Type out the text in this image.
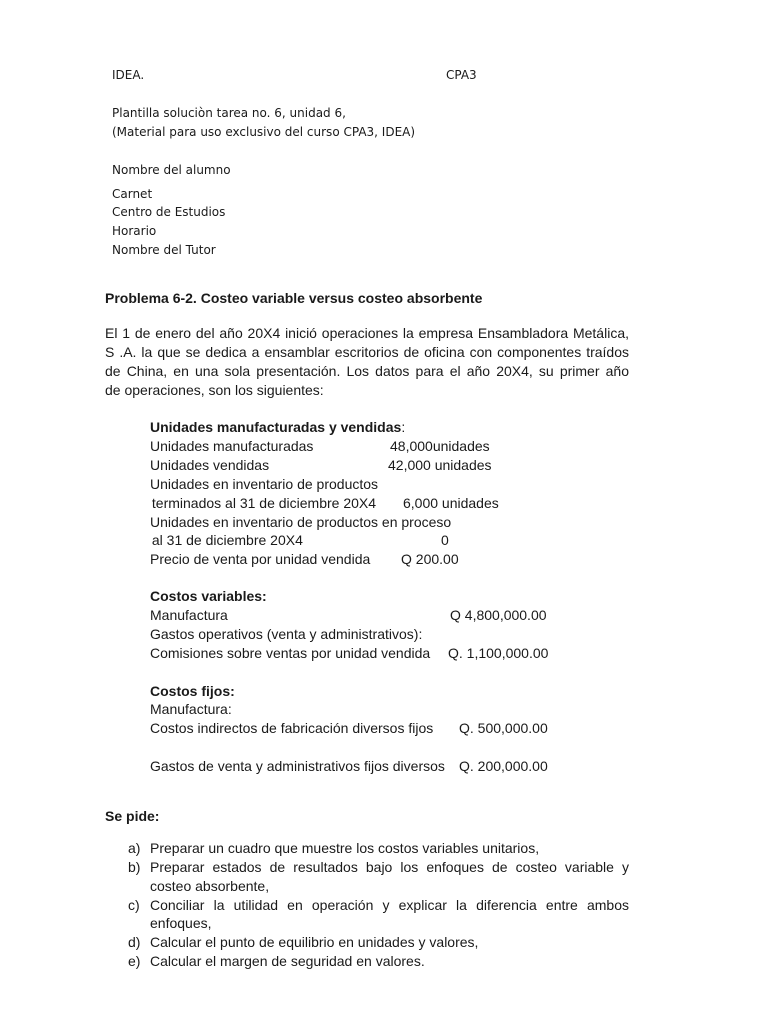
IDEA.	CPA3
Plantilla soluciòn tarea no. 6, unidad 6,
(Material para uso exclusivo del curso CPA3, IDEA)
Nombre del alumno
Carnet
Centro de Estudios
Horario
Nombre del Tutor
Problema 6-2. Costeo variable versus costeo absorbente
El 1 de enero del año 20X4 inició operaciones la empresa Ensambladora Metálica,
S .A. la que se dedica a ensamblar escritorios de oficina con componentes traídos
de China, en una sola presentación. Los datos para el año 20X4, su primer año
de operaciones, son los siguientes:
Unidades manufacturadas y vendidas:
Unidades manufacturadas	48,000unidades
Unidades vendidas	42,000 unidades
Unidades en inventario de productos
terminados al 31 de diciembre 20X4 6,000 unidades
Unidades en inventario de productos en proceso
al 31 de diciembre 20X4	0
Precio de venta por unidad vendida Q 200.00
Costos variables:
Manufactura	Q 4,800,000.00
Gastos operativos (venta y administrativos):
Comisiones sobre ventas por unidad vendida Q. 1,100,000.00
Costos fijos:
Manufactura:
Costos indirectos de fabricación diversos fijos Q. 500,000.00
Gastos de venta y administrativos fijos diversos Q. 200,000.00
Se pide:
a) Preparar un cuadro que muestre los costos variables unitarios,
b) Preparar estados de resultados bajo los enfoques de costeo variable y
costeo absorbente,
c) Conciliar la utilidad en operación y explicar la diferencia entre ambos
enfoques,
d) Calcular el punto de equilibrio en unidades y valores,
e) Calcular el margen de seguridad en valores.
